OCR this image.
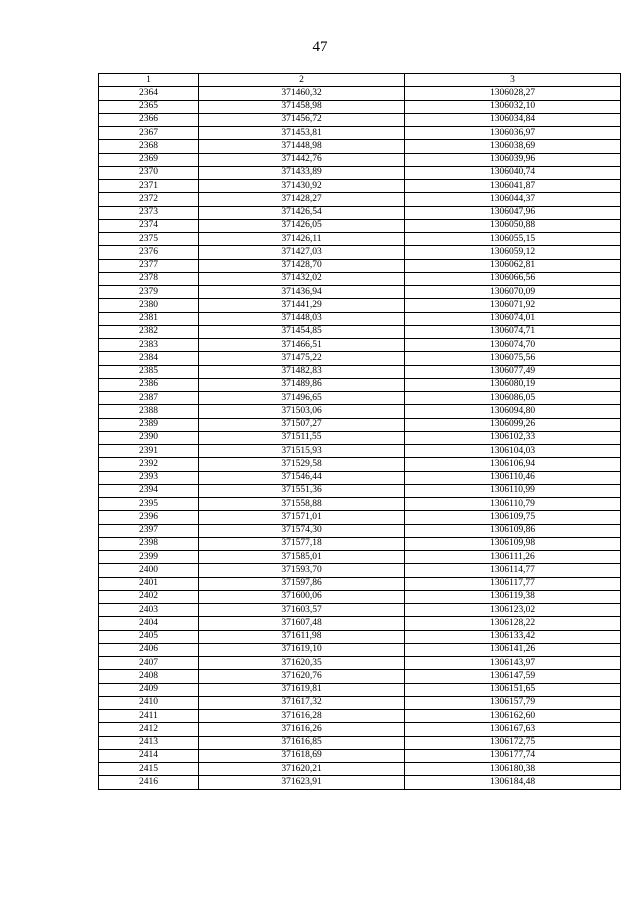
47
1	2	3
2364	371460,32	1306028,27
2365	371458,98	1306032,10
2366	371456,72	1306034,84
2367	371453,81	1306036,97
2368	371448,98	1306038,69
2369	371442,76	1306039,96
2370	371433,89	1306040,74
2371	371430,92	1306041,87
2372	371428,27	1306044,37
2373	371426,54	1306047,96
2374	371426,05	1306050,88
2375	371426,11	1306055,15
2376	371427,03	1306059,12
2377	371428,70	1306062,81
2378	371432,02	1306066,56
2379	371436,94	1306070,09
2380	371441,29	1306071,92
2381	371448,03	1306074,01
2382	371454,85	1306074,71
2383	371466,51	1306074,70
2384	371475,22	1306075,56
2385	371482,83	1306077,49
2386	371489,86	1306080,19
2387	371496,65	1306086,05
2388	371503,06	1306094,80
2389	371507,27	1306099,26
2390	371511,55	1306102,33
2391	371515,93	1306104,03
2392	371529,58	1306106,94
2393	371546,44	1306110,46
2394	371551,36	1306110,99
2395	371558,88	1306110,79
2396	371571,01	1306109,75
2397	371574,30	1306109,86
2398	371577,18	1306109,98
2399	371585,01	1306111,26
2400	371593,70	1306114,77
2401	371597,86	1306117,77
2402	371600,06	1306119,38
2403	371603,57	1306123,02
2404	371607,48	1306128,22
2405	371611,98	1306133,42
2406	371619,10	1306141,26
2407	371620,35	1306143,97
2408	371620,76	1306147,59
2409	371619,81	1306151,65
2410	371617,32	1306157,79
2411	371616,28	1306162,60
2412	371616,26	1306167,63
2413	371616,85	1306172,75
2414	371618,69	1306177,74
2415	371620,21	1306180,38
2416	371623,91	1306184,48
